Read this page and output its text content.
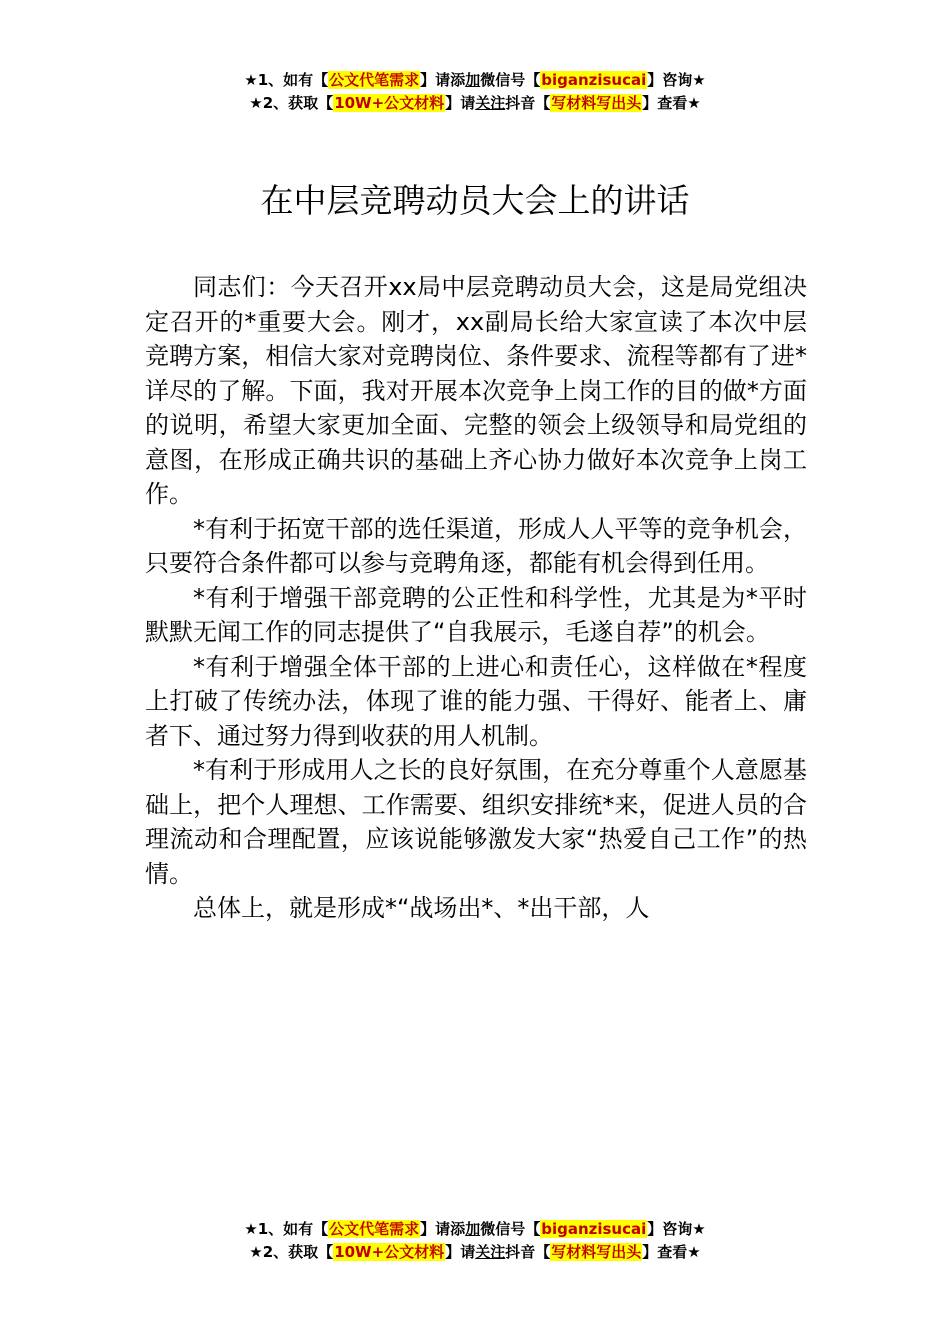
★1、如有【公文代笔需求】请添加微信号【biganzisucai】咨询★
★2、获取【10W+公文材料】请关注抖音【写材料写出头】查看★
在中层竞聘动员大会上的讲话

同志们：今天召开xx局中层竞聘动员大会，这是局党组决定召开的*重要大会。刚才，xx副局长给大家宣读了本次中层竞聘方案，相信大家对竞聘岗位、条件要求、流程等都有了进*详尽的了解。下面，我对开展本次竞争上岗工作的目的做*方面的说明，希望大家更加全面、完整的领会上级领导和局党组的意图，在形成正确共识的基础上齐心协力做好本次竞争上岗工作。

*有利于拓宽干部的选任渠道，形成人人平等的竞争机会，只要符合条件都可以参与竞聘角逐，都能有机会得到任用。

*有利于增强干部竞聘的公正性和科学性，尤其是为*平时默默无闻工作的同志提供了“自我展示，毛遂自荐”的机会。

*有利于增强全体干部的上进心和责任心，这样做在*程度上打破了传统办法，体现了谁的能力强、干得好、能者上、庸者下、通过努力得到收获的用人机制。

*有利于形成用人之长的良好氛围，在充分尊重个人意愿基础上，把个人理想、工作需要、组织安排统*来，促进人员的合理流动和合理配置，应该说能够激发大家“热爱自己工作”的热情。

总体上，就是形成*“战场出*、*出干部，人

★1、如有【公文代笔需求】请添加微信号【biganzisucai】咨询★
★2、获取【10W+公文材料】请关注抖音【写材料写出头】查看★
